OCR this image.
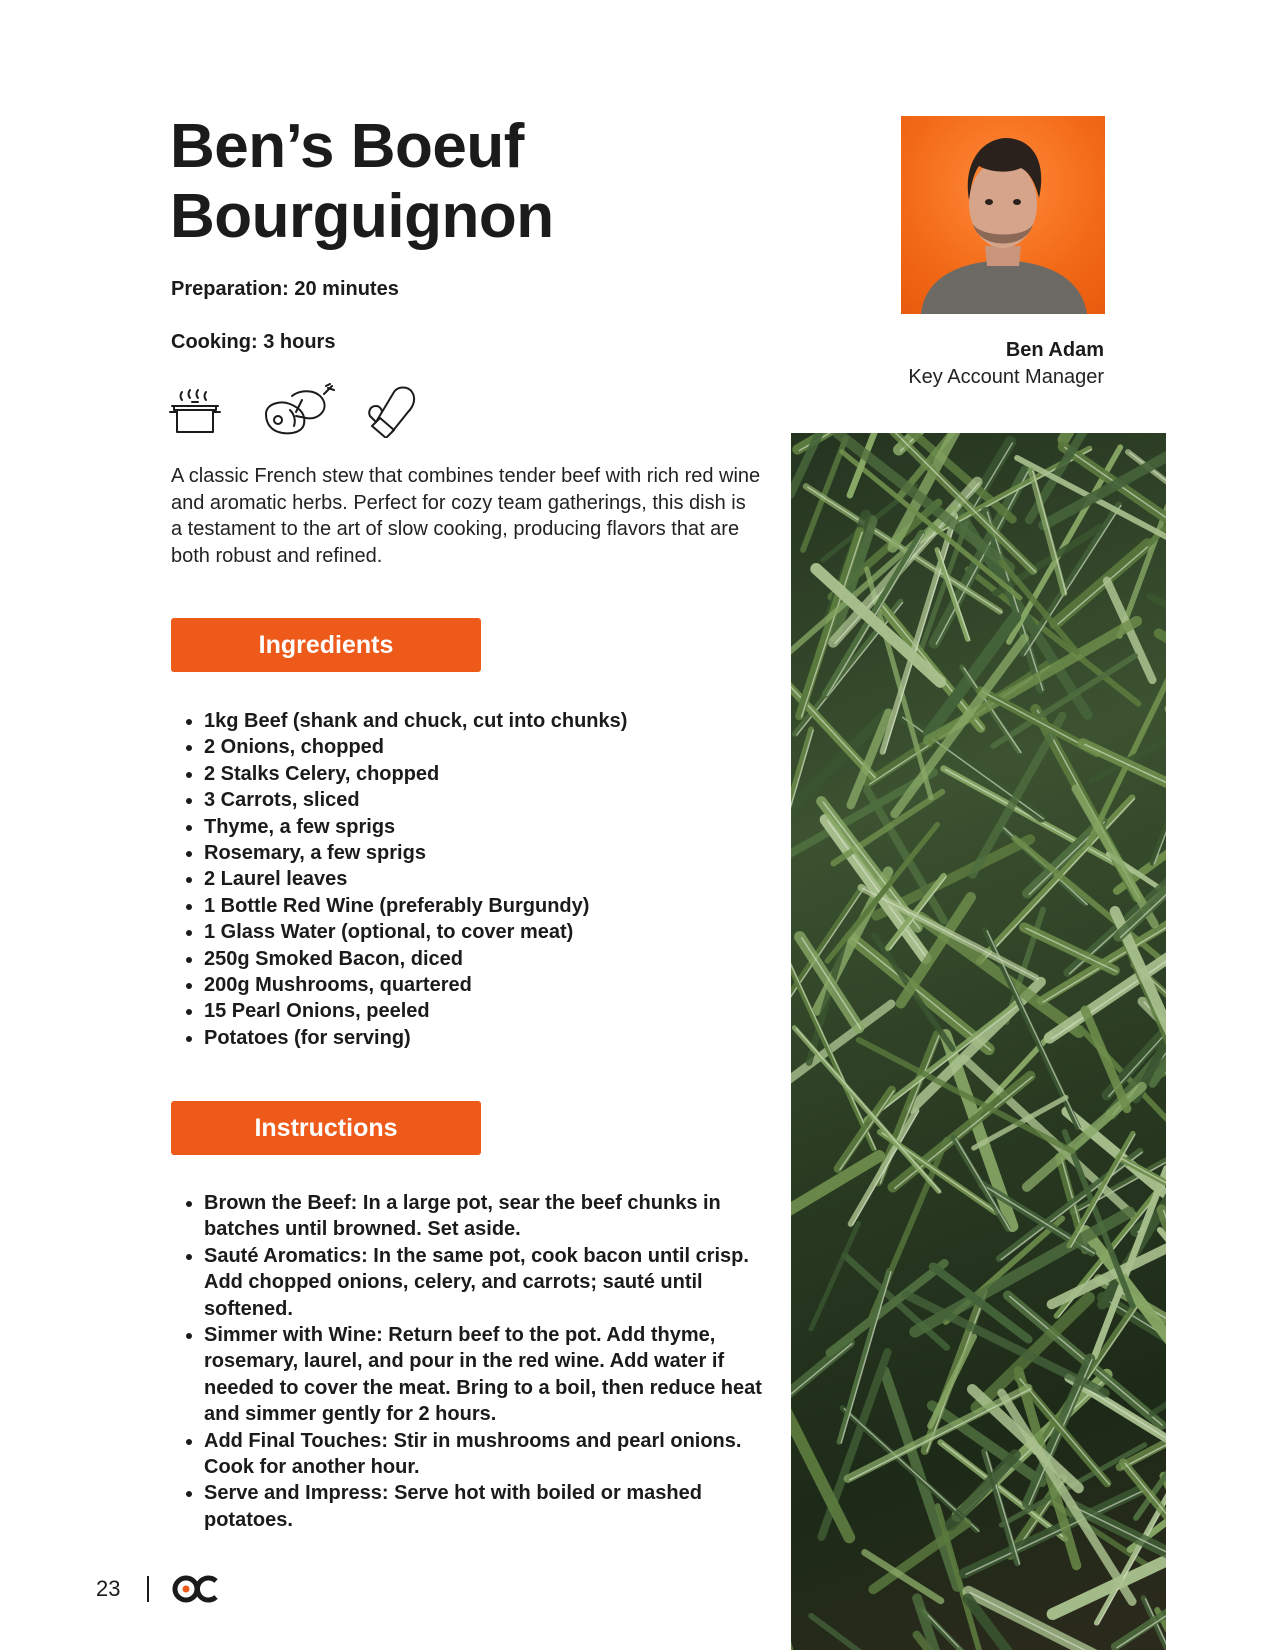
Ben’s Boeuf
Bourguignon
Preparation: 20 minutes
Cooking: 3 hours
A classic French stew that combines tender beef with rich red wine and aromatic herbs. Perfect for cozy team gatherings, this dish is a testament to the art of slow cooking, producing flavors that are both robust and refined.
Ingredients
• 1kg Beef (shank and chuck, cut into chunks)
• 2 Onions, chopped
• 2 Stalks Celery, chopped
• 3 Carrots, sliced
• Thyme, a few sprigs
• Rosemary, a few sprigs
• 2 Laurel leaves
• 1 Bottle Red Wine (preferably Burgundy)
• 1 Glass Water (optional, to cover meat)
• 250g Smoked Bacon, diced
• 200g Mushrooms, quartered
• 15 Pearl Onions, peeled
• Potatoes (for serving)
Instructions
• Brown the Beef: In a large pot, sear the beef chunks in batches until browned. Set aside.
• Sauté Aromatics: In the same pot, cook bacon until crisp. Add chopped onions, celery, and carrots; sauté until softened.
• Simmer with Wine: Return beef to the pot. Add thyme, rosemary, laurel, and pour in the red wine. Add water if needed to cover the meat. Bring to a boil, then reduce heat and simmer gently for 2 hours.
• Add Final Touches: Stir in mushrooms and pearl onions. Cook for another hour.
• Serve and Impress: Serve hot with boiled or mashed potatoes.
Ben Adam
Key Account Manager
23
